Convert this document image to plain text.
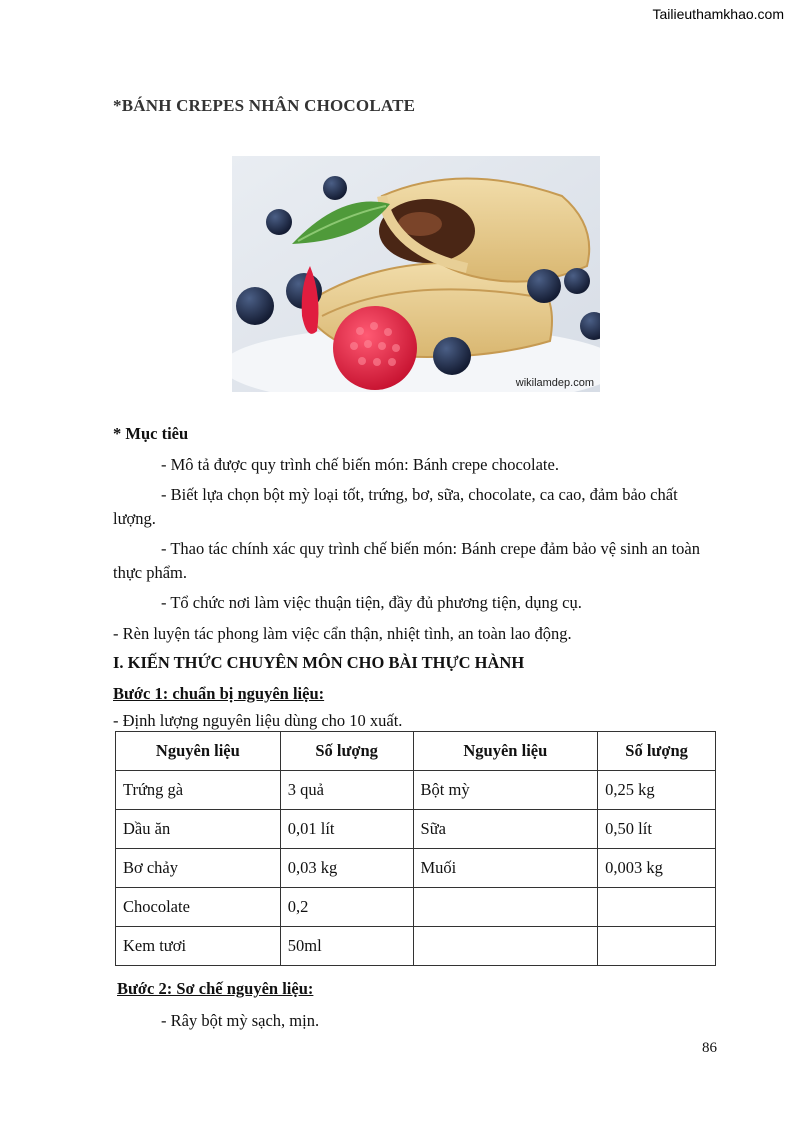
Tailieuthamkhao.com
*BÁNH CREPES NHÂN CHOCOLATE
wikilamdep.com
* Mục tiêu
- Mô tả được quy trình chế biến món: Bánh crepe chocolate.
- Biết lựa chọn bột mỳ loại tốt, trứng, bơ, sữa, chocolate, ca cao, đảm bảo chất lượng.
- Thao tác chính xác quy trình chế biến món: Bánh crepe đảm bảo vệ sinh an toàn thực phẩm.
- Tổ chức nơi làm việc thuận tiện, đầy đủ phương tiện, dụng cụ.
- Rèn luyện tác phong làm việc cẩn thận, nhiệt tình, an toàn lao động.
I. KIẾN THỨC CHUYÊN MÔN CHO BÀI THỰC HÀNH
Bước 1: chuẩn bị nguyên liệu:
- Định lượng nguyên liệu dùng cho 10 xuất.
Nguyên liệu	Số lượng	Nguyên liệu	Số lượng
Trứng gà	3 quả	Bột mỳ	0,25 kg
Dầu ăn	0,01 lít	Sữa	0,50 lít
Bơ chảy	0,03 kg	Muối	0,003 kg
Chocolate	0,2		
Kem tươi	50ml		
Bước 2: Sơ chế nguyên liệu:
- Rây bột mỳ sạch, mịn.
86
